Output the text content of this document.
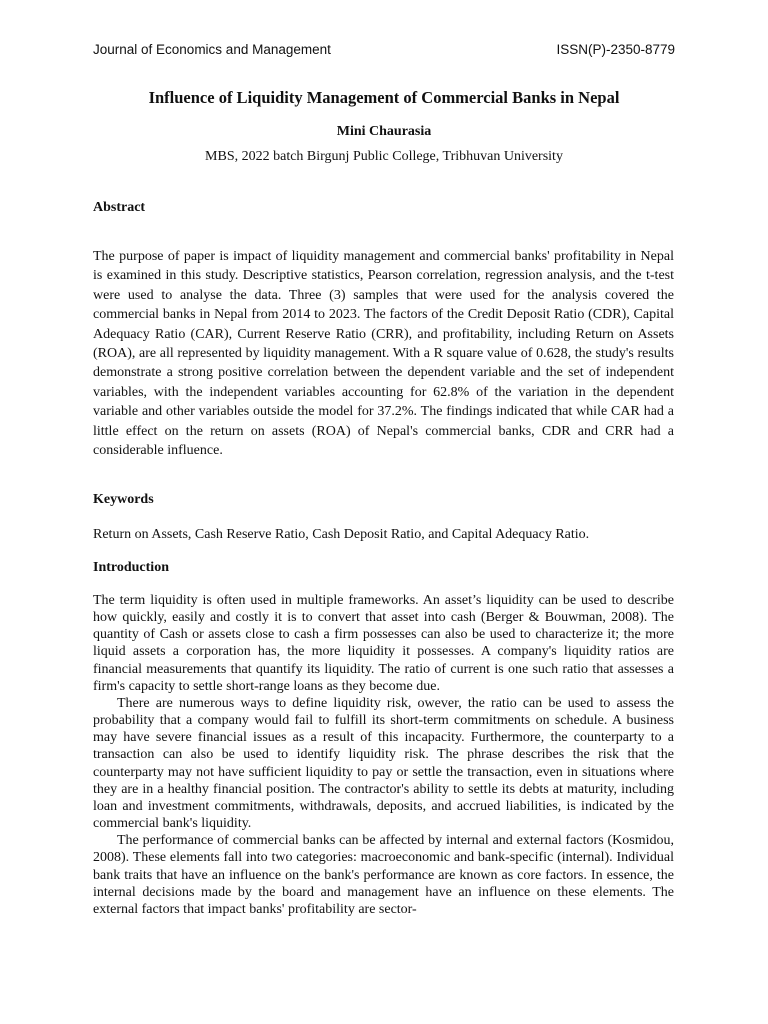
Journal of Economics and Management	ISSN(P)-2350-8779
Influence of Liquidity Management of Commercial Banks in Nepal
Mini Chaurasia
MBS, 2022 batch Birgunj Public College, Tribhuvan University
Abstract

The purpose of paper is impact of liquidity management and commercial banks' profitability in Nepal is examined in this study. Descriptive statistics, Pearson correlation, regression analysis, and the t-test were used to analyse the data. Three (3) samples that were used for the analysis covered the commercial banks in Nepal from 2014 to 2023. The factors of the Credit Deposit Ratio (CDR), Capital Adequacy Ratio (CAR), Current Reserve Ratio (CRR), and profitability, including Return on Assets (ROA), are all represented by liquidity management. With a R square value of 0.628, the study's results demonstrate a strong positive correlation between the dependent variable and the set of independent variables, with the independent variables accounting for 62.8% of the variation in the dependent variable and other variables outside the model for 37.2%. The findings indicated that while CAR had a little effect on the return on assets (ROA) of Nepal's commercial banks, CDR and CRR had a considerable influence.

Keywords

Return on Assets, Cash Reserve Ratio, Cash Deposit Ratio, and Capital Adequacy Ratio.

Introduction
The term liquidity is often used in multiple frameworks. An asset’s liquidity can be used to describe how quickly, easily and costly it is to convert that asset into cash (Berger & Bouwman, 2008). The quantity of Cash or assets close to cash a firm possesses can also be used to characterize it; the more liquid assets a corporation has, the more liquidity it possesses. A company's liquidity ratios are financial measurements that quantify its liquidity. The ratio of current is one such ratio that assesses a firm's capacity to settle short-range loans as they become due.
There are numerous ways to define liquidity risk, owever, the ratio can be used to assess the probability that a company would fail to fulfill its short-term commitments on schedule. A business may have severe financial issues as a result of this incapacity. Furthermore, the counterparty to a transaction can also be used to identify liquidity risk. The phrase describes the risk that the counterparty may not have sufficient liquidity to pay or settle the transaction, even in situations where they are in a healthy financial position. The contractor's ability to settle its debts at maturity, including loan and investment commitments, withdrawals, deposits, and accrued liabilities, is indicated by the commercial bank's liquidity.
The performance of commercial banks can be affected by internal and external factors (Kosmidou, 2008). These elements fall into two categories: macroeconomic and bank-specific (internal). Individual bank traits that have an influence on the bank's performance are known as core factors. In essence, the internal decisions made by the board and management have an influence on these elements. The external factors that impact banks' profitability are sector-
